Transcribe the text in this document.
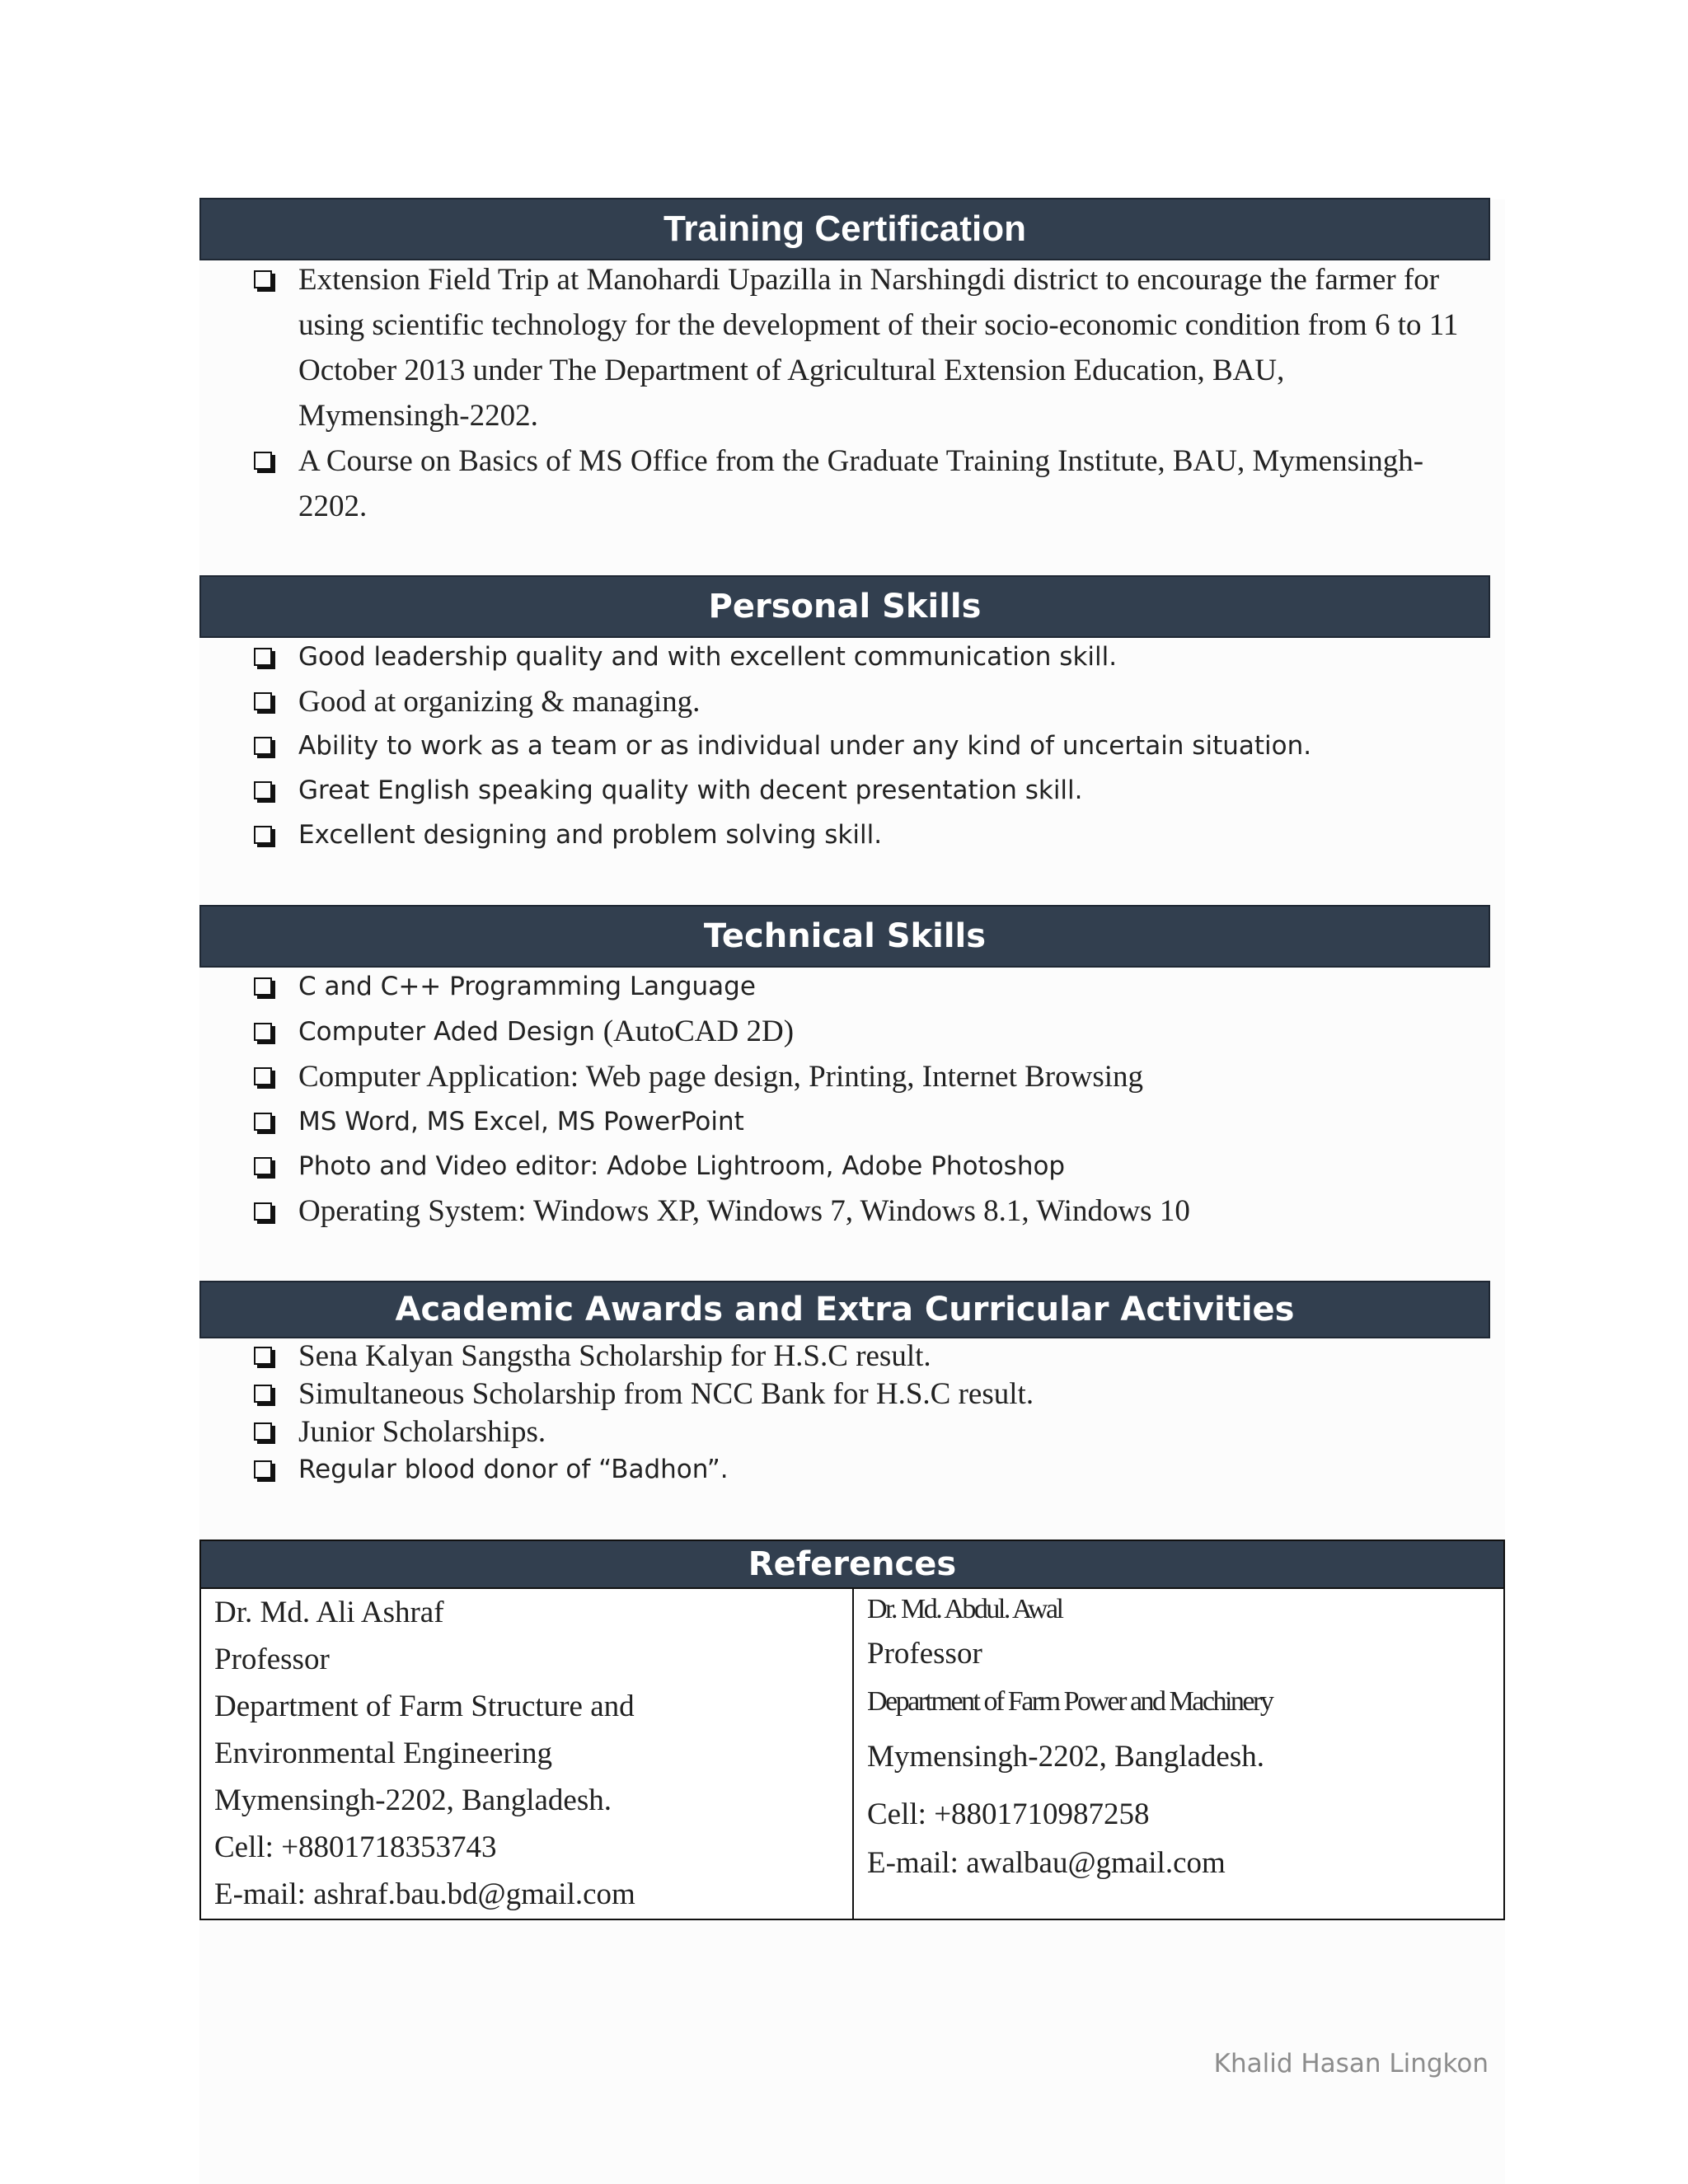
Training Certification
Extension Field Trip at Manohardi Upazilla in Narshingdi district to encourage the farmer for using scientific technology for the development of their socio-economic condition from 6 to 11 October 2013 under The Department of Agricultural Extension Education, BAU, Mymensingh-2202.
A Course on Basics of MS Office from the Graduate Training Institute, BAU, Mymensingh-2202.
Personal Skills
Good leadership quality and with excellent communication skill.
Good at organizing & managing.
Ability to work as a team or as individual under any kind of uncertain situation.
Great English speaking quality with decent presentation skill.
Excellent designing and problem solving skill.
Technical Skills
C and C++ Programming Language
Computer Aded Design
(AutoCAD 2D)
Computer Application: Web page design, Printing, Internet Browsing
MS Word, MS Excel, MS PowerPoint
Photo and Video editor: Adobe Lightroom, Adobe Photoshop
Operating System: Windows XP, Windows 7, Windows 8.1, Windows 10
Academic Awards and Extra Curricular Activities
Sena Kalyan Sangstha Scholarship for H.S.C result.
Simultaneous Scholarship from NCC Bank for H.S.C result.
Junior Scholarships.
Regular blood donor of “Badhon”.
References
Dr. Md. Ali Ashraf
Professor
Department of Farm Structure and
Environmental Engineering
Mymensingh-2202, Bangladesh.
Cell: +8801718353743
E-mail: ashraf.bau.bd@gmail.com
Dr. Md. Abdul. Awal
Professor
Department of Farm Power and Machinery
Mymensingh-2202, Bangladesh.
Cell: +8801710987258
E-mail: awalbau@gmail.com
Khalid Hasan Lingkon
